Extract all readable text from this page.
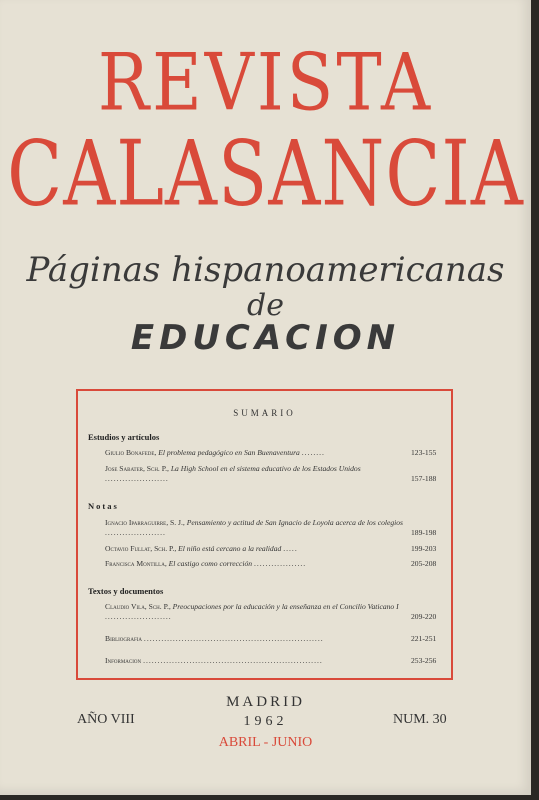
REVISTA
CALASANCIA
Páginas hispanoamericanas
de
EDUCACION
SUMARIO
Estudios y artículos
Giulio Bonafede, El problema pedagógico en San Buenaventura ........	123-155
Jose Sabater, Sch. P., La High School en el sistema educativo de los Estados Unidos ......................	157-188
Notas
Ignacio Iparraguirre, S. J., Pensamiento y actitud de San Ignacio de Loyola acerca de los colegios .....................	189-198
Octavio Fullat, Sch. P., El niño está cercano a la realidad .....	199-203
Francisca Montilla, El castigo como corrección ..................	205-208
Textos y documentos
Claudio Vila, Sch. P., Preocupaciones por la educación y la enseñanza en el Concilio Vaticano I .......................	209-220
Bibliografia ..............................................................	221-251
Informacion ..............................................................	253-256
AÑO VIII
MADRID
1962
ABRIL - JUNIO
NUM. 30
